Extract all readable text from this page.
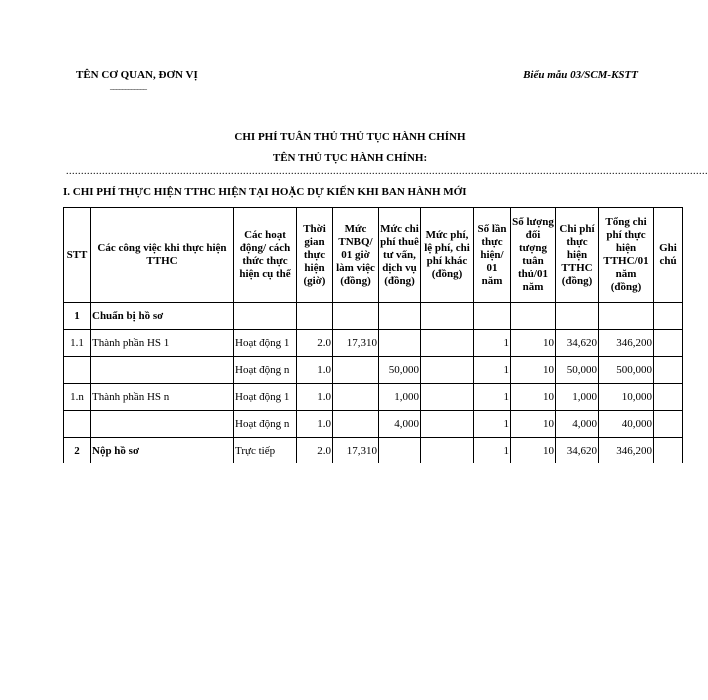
TÊN CƠ QUAN, ĐƠN VỊ
____________
Biểu mẫu 03/SCM-KSTT
CHI PHÍ TUÂN THỦ THỦ TỤC HÀNH CHÍNH
TÊN THỦ TỤC HÀNH CHÍNH:
......................................................................................................................................................................................................................
I. CHI PHÍ THỰC HIỆN TTHC HIỆN TẠI HOẶC DỰ KIẾN KHI BAN HÀNH MỚI
STT	Các công việc khi thực hiện TTHC	Các hoạt động/ cách thức thực hiện cụ thể	Thời gian thực hiện (giờ)	Mức TNBQ/ 01 giờ làm việc (đồng)	Mức chi phí thuê tư vấn, dịch vụ (đồng)	Mức phí, lệ phí, chi phí khác (đồng)	Số lần thực hiện/ 01 năm	Số lượng đối tượng tuân thủ/01 năm	Chi phí thực hiện TTHC (đồng)	Tổng chi phí thực hiện TTHC/01 năm (đồng)	Ghi chú
1	Chuẩn bị hồ sơ										
1.1	Thành phần HS 1	Hoạt động 1	2.0	17,310			1	10	34,620	346,200	
		Hoạt động n	1.0		50,000		1	10	50,000	500,000	
1.n	Thành phần HS n	Hoạt động 1	1.0		1,000		1	10	1,000	10,000	
		Hoạt động n	1.0		4,000		1	10	4,000	40,000	
2	Nộp hồ sơ	Trực tiếp	2.0	17,310			1	10	34,620	346,200	
